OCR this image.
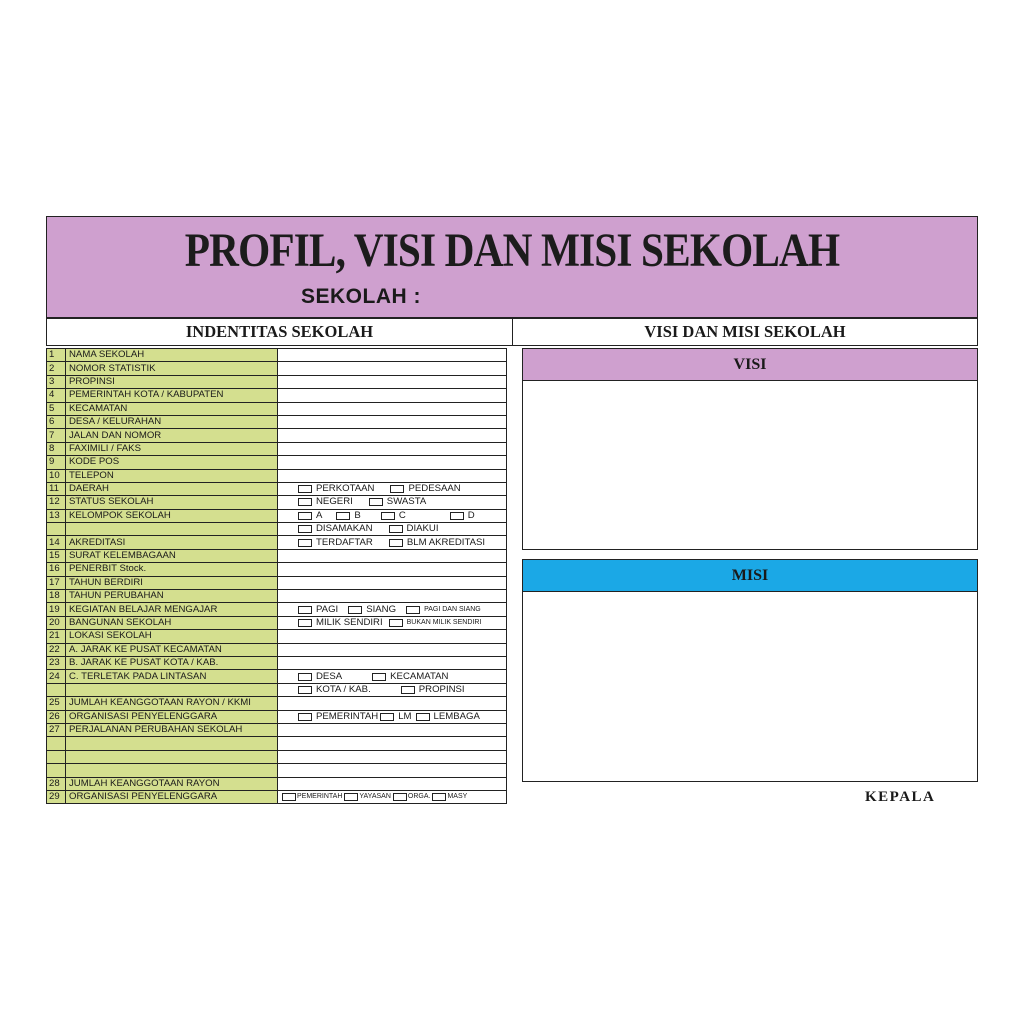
PROFIL, VISI DAN MISI SEKOLAH
SEKOLAH :
INDENTITAS SEKOLAH	VISI DAN MISI SEKOLAH
1	NAMA SEKOLAH	
2	NOMOR STATISTIK	
3	PROPINSI	
4	PEMERINTAH KOTA / KABUPATEN	
5	KECAMATAN	
6	DESA / KELURAHAN	
7	JALAN DAN NOMOR	
8	FAXIMILI / FAKS	
9	KODE POS	
10	TELEPON	
11	DAERAH	PERKOTAAN PEDESAAN

12	STATUS SEKOLAH	NEGERI SWASTA

13	KELOMPOK SEKOLAH	A B C D

		DISAMAKAN DIAKUI

14	AKREDITASI	TERDAFTAR BLM AKREDITASI

15	SURAT KELEMBAGAAN	
16	PENERBIT Stock.	
17	TAHUN BERDIRI	
18	TAHUN PERUBAHAN	
19	KEGIATAN BELAJAR MENGAJAR	PAGI SIANG PAGI DAN SIANG

20	BANGUNAN SEKOLAH	MILIK SENDIRI BUKAN MILIK SENDIRI

21	LOKASI SEKOLAH	
22	A. JARAK KE PUSAT KECAMATAN	
23	B. JARAK KE PUSAT KOTA / KAB.	
24	C. TERLETAK PADA LINTASAN	DESA KECAMATAN

		KOTA / KAB. PROPINSI

25	JUMLAH KEANGGOTAAN RAYON / KKMI	
26	ORGANISASI PENYELENGGARA	PEMERINTAH LM LEMBAGA

27	PERJALANAN PERUBAHAN SEKOLAH	

28	JUMLAH KEANGGOTAAN RAYON	
29	ORGANISASI PENYELENGGARA	PEMERINTAH YAYASAN ORGA. MASY
VISI
MISI
KEPALA
